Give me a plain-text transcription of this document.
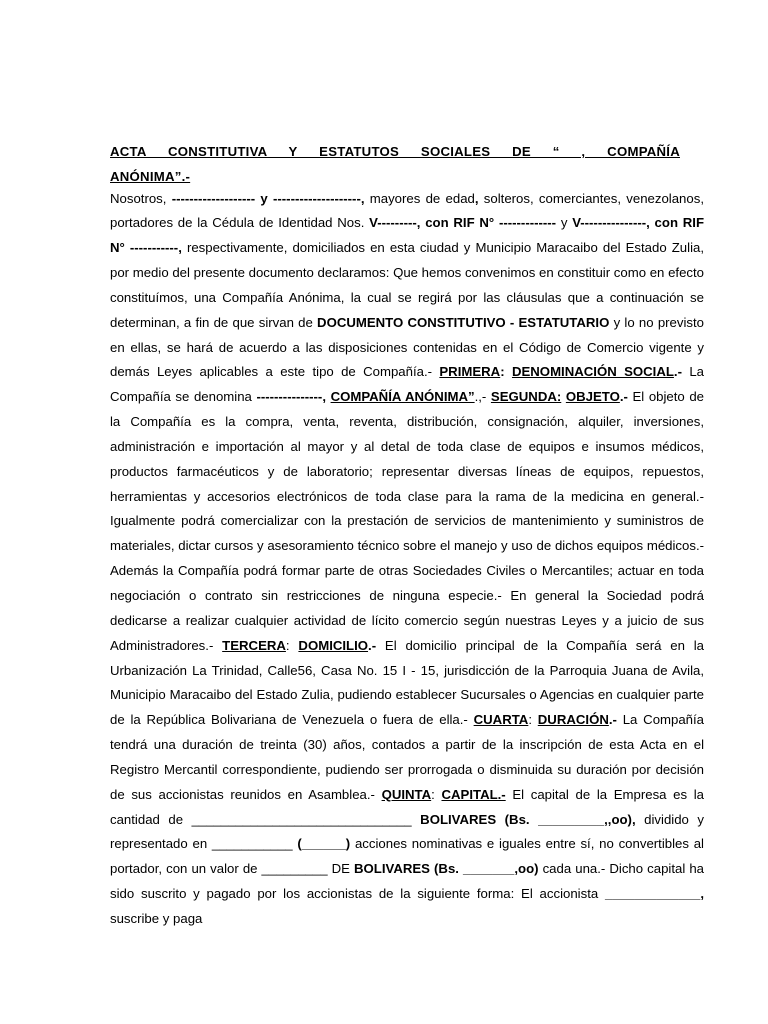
ACTA CONSTITUTIVA Y ESTATUTOS SOCIALES DE “ , COMPAÑÍA
ANÓNIMA”.-

Nosotros, ------------------- y --------------------, mayores de edad, solteros, comerciantes, venezolanos, portadores de la Cédula de Identidad Nos. V---------, con RIF N° ------------- y V---------------, con RIF N° -----------, respectivamente, domiciliados en esta ciudad y Municipio Maracaibo del Estado Zulia, por medio del presente documento declaramos: Que hemos convenimos en constituir como en efecto constituímos, una Compañía Anónima, la cual se regirá por las cláusulas que a continuación se determinan, a fin de que sirvan de DOCUMENTO CONSTITUTIVO - ESTATUTARIO y lo no previsto en ellas, se hará de acuerdo a las disposiciones contenidas en el Código de Comercio vigente y demás Leyes aplicables a este tipo de Compañía.- PRIMERA: DENOMINACIÓN SOCIAL.- La Compañía se denomina ---------------, COMPAÑÍA ANÓNIMA”.,- SEGUNDA: OBJETO.- El objeto de la Compañía es la compra, venta, reventa, distribución, consignación, alquiler, inversiones, administración e importación al mayor y al detal de toda clase de equipos e insumos médicos, productos farmacéuticos y de laboratorio; representar diversas líneas de equipos, repuestos, herramientas y accesorios electrónicos de toda clase para la rama de la medicina en general.- Igualmente podrá comercializar con la prestación de servicios de mantenimiento y suministros de materiales, dictar cursos y asesoramiento técnico sobre el manejo y uso de dichos equipos médicos.- Además la Compañía podrá formar parte de otras Sociedades Civiles o Mercantiles; actuar en toda negociación o contrato sin restricciones de ninguna especie.- En general la Sociedad podrá dedicarse a realizar cualquier actividad de lícito comercio según nuestras Leyes y a juicio de sus Administradores.- TERCERA: DOMICILIO.- El domicilio principal de la Compañía será en la Urbanización La Trinidad, Calle56, Casa No. 15 I - 15, jurisdicción de la Parroquia Juana de Avila, Municipio Maracaibo del Estado Zulia, pudiendo establecer Sucursales o Agencias en cualquier parte de la República Bolivariana de Venezuela o fuera de ella.- CUARTA: DURACIÓN.- La Compañía tendrá una duración de treinta (30) años, contados a partir de la inscripción de esta Acta en el Registro Mercantil correspondiente, pudiendo ser prorrogada o disminuida su duración por decisión de sus accionistas reunidos en Asamblea.- QUINTA: CAPITAL.- El capital de la Empresa es la cantidad de ______________________________ BOLIVARES (Bs. _________,,oo), dividido y representado en ___________ (______) acciones nominativas e iguales entre sí, no convertibles al portador, con un valor de _________ DE BOLIVARES (Bs. _______,oo) cada una.- Dicho capital ha sido suscrito y pagado por los accionistas de la siguiente forma: El accionista _____________, suscribe y paga
